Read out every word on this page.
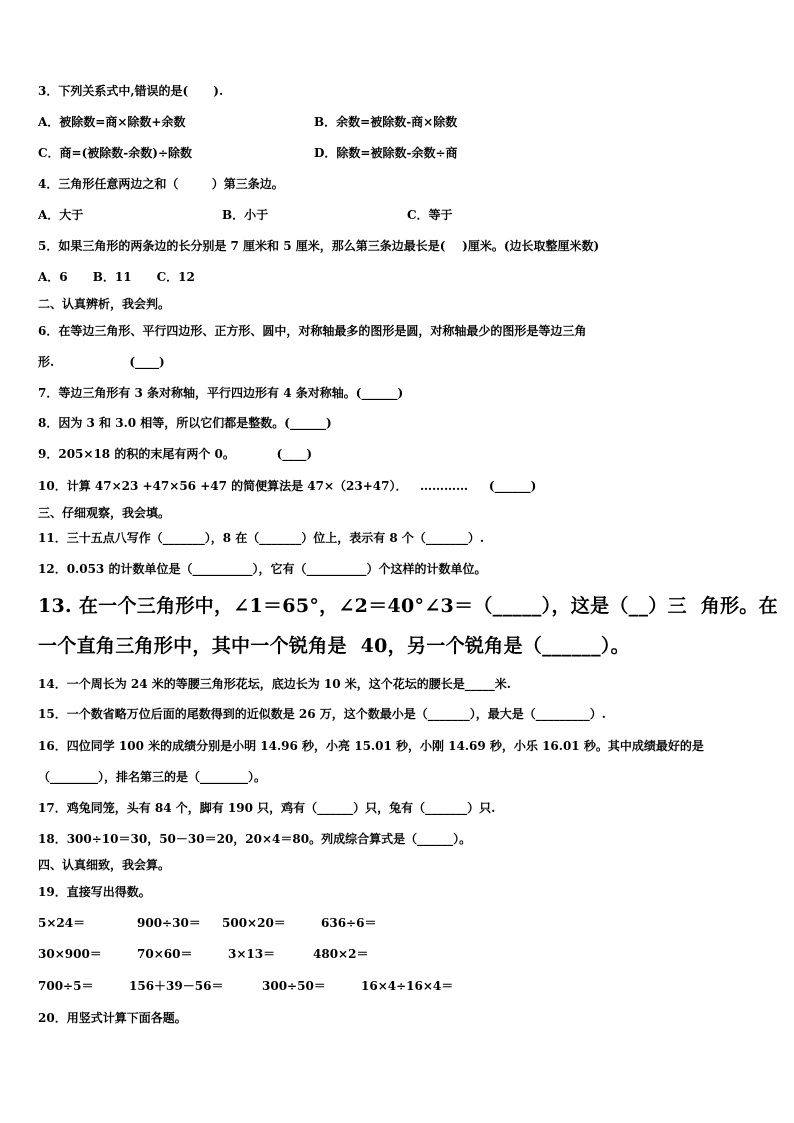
3．下列关系式中,错误的是(      ).
A．被除数=商×除数+余数	B．余数=被除数-商×除数
C．商=(被除数-余数)÷除数	D．除数=被除数-余数÷商
4．三角形任意两边之和（        ）第三条边。
A．大于	B．小于	C．等于
5．如果三角形的两条边的长分别是 7 厘米和 5 厘米，那么第三条边最长是(    )厘米。(边长取整厘米数)
A．6      B．11      C．12
二、认真辨析，我会判。
6．在等边三角形、平行四边形、正方形、圆中，对称轴最多的图形是圆，对称轴最少的图形是等边三角
形.                  (____)
7．等边三角形有 3 条对称轴，平行四边形有 4 条对称轴。(______)
8．因为 3 和 3.0 相等，所以它们都是整数。(______)
9．205×18 的积的末尾有两个 0。          (____)
10．计算 47×23 +47×56 +47 的简便算法是 47×（23+47）．   …………     (______)
三、仔细观察，我会填。
11．三十五点八写作（_______），8 在（_______）位上，表示有 8 个（_______）.
12．0.053 的计数单位是（__________），它有（__________）个这样的计数单位。
13. 在一个三角形中，∠1＝65°，∠2＝40°∠3＝（_____），这是（__）三  角形。在
一个直角三角形中，其中一个锐角是  40，另一个锐角是（______）。
14．一个周长为 24 米的等腰三角形花坛，底边长为 10 米，这个花坛的腰长是_____米.
15．一个数省略万位后面的尾数得到的近似数是 26 万，这个数最小是（_______），最大是（_________）.
16．四位同学 100 米的成绩分别是小明 14.96 秒，小亮 15.01 秒，小刚 14.69 秒，小乐 16.01 秒。其中成绩最好的是
（________），排名第三的是（________）。
17．鸡兔同笼，头有 84 个，脚有 190 只，鸡有（______）只，兔有（_______）只.
18．300÷10＝30，50－30＝20，20×4＝80。列成综合算式是（______）。
四、认真细致，我会算。
19．直接写出得数。
5×24＝	900÷30＝ 500×20＝	636÷6＝
30×900＝	70×60＝	3×13＝	480×2＝
700÷5＝	156＋39－56＝	300÷50＝	16×4÷16×4＝
20．用竖式计算下面各题。
